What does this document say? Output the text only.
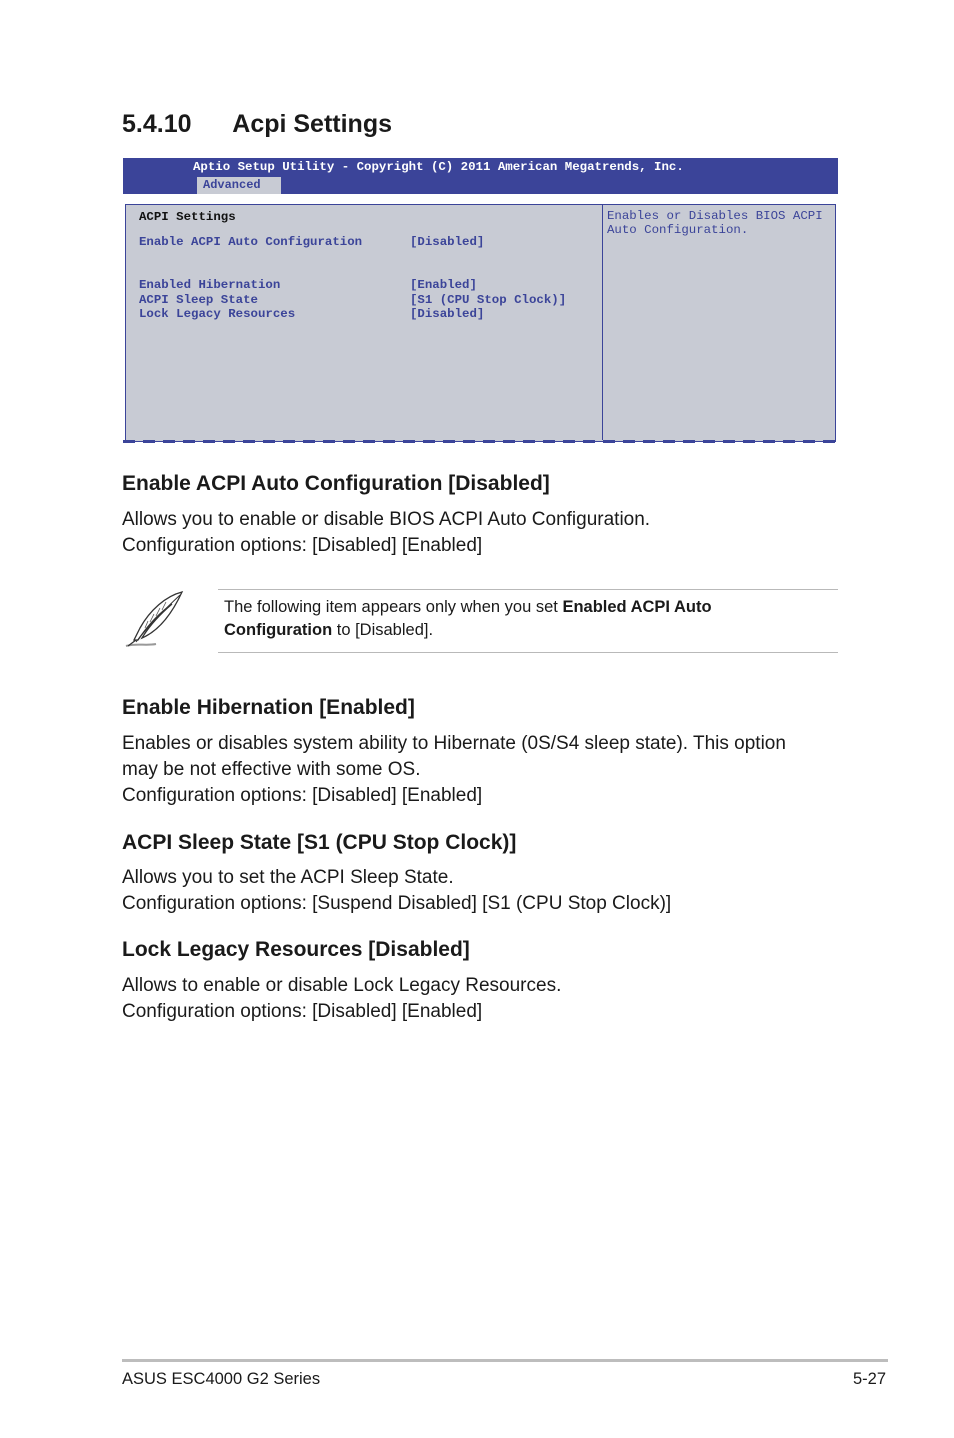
5.4.10 Acpi Settings
Aptio Setup Utility - Copyright (C) 2011 American Megatrends, Inc.
Advanced
ACPI Settings
Enable ACPI Auto Configuration	[Disabled]
Enabled Hibernation	[Enabled]
ACPI Sleep State	[S1 (CPU Stop Clock)]
Lock Legacy Resources	[Disabled]
Enables or Disables BIOS ACPI
Auto Configuration.
Enable ACPI Auto Configuration [Disabled]

Allows you to enable or disable BIOS ACPI Auto Configuration.
Configuration options: [Disabled] [Enabled]

The following item appears only when you set Enabled ACPI Auto Configuration to [Disabled].
Enable Hibernation [Enabled]

Enables or disables system ability to Hibernate (0S/S4 sleep state). This option may be not effective with some OS.
Configuration options: [Disabled] [Enabled]

ACPI Sleep State [S1 (CPU Stop Clock)]

Allows you to set the ACPI Sleep State.
Configuration options: [Suspend Disabled] [S1 (CPU Stop Clock)]

Lock Legacy Resources [Disabled]

Allows to enable or disable Lock Legacy Resources.
Configuration options: [Disabled] [Enabled]

ASUS ESC4000 G2 Series	5-27
